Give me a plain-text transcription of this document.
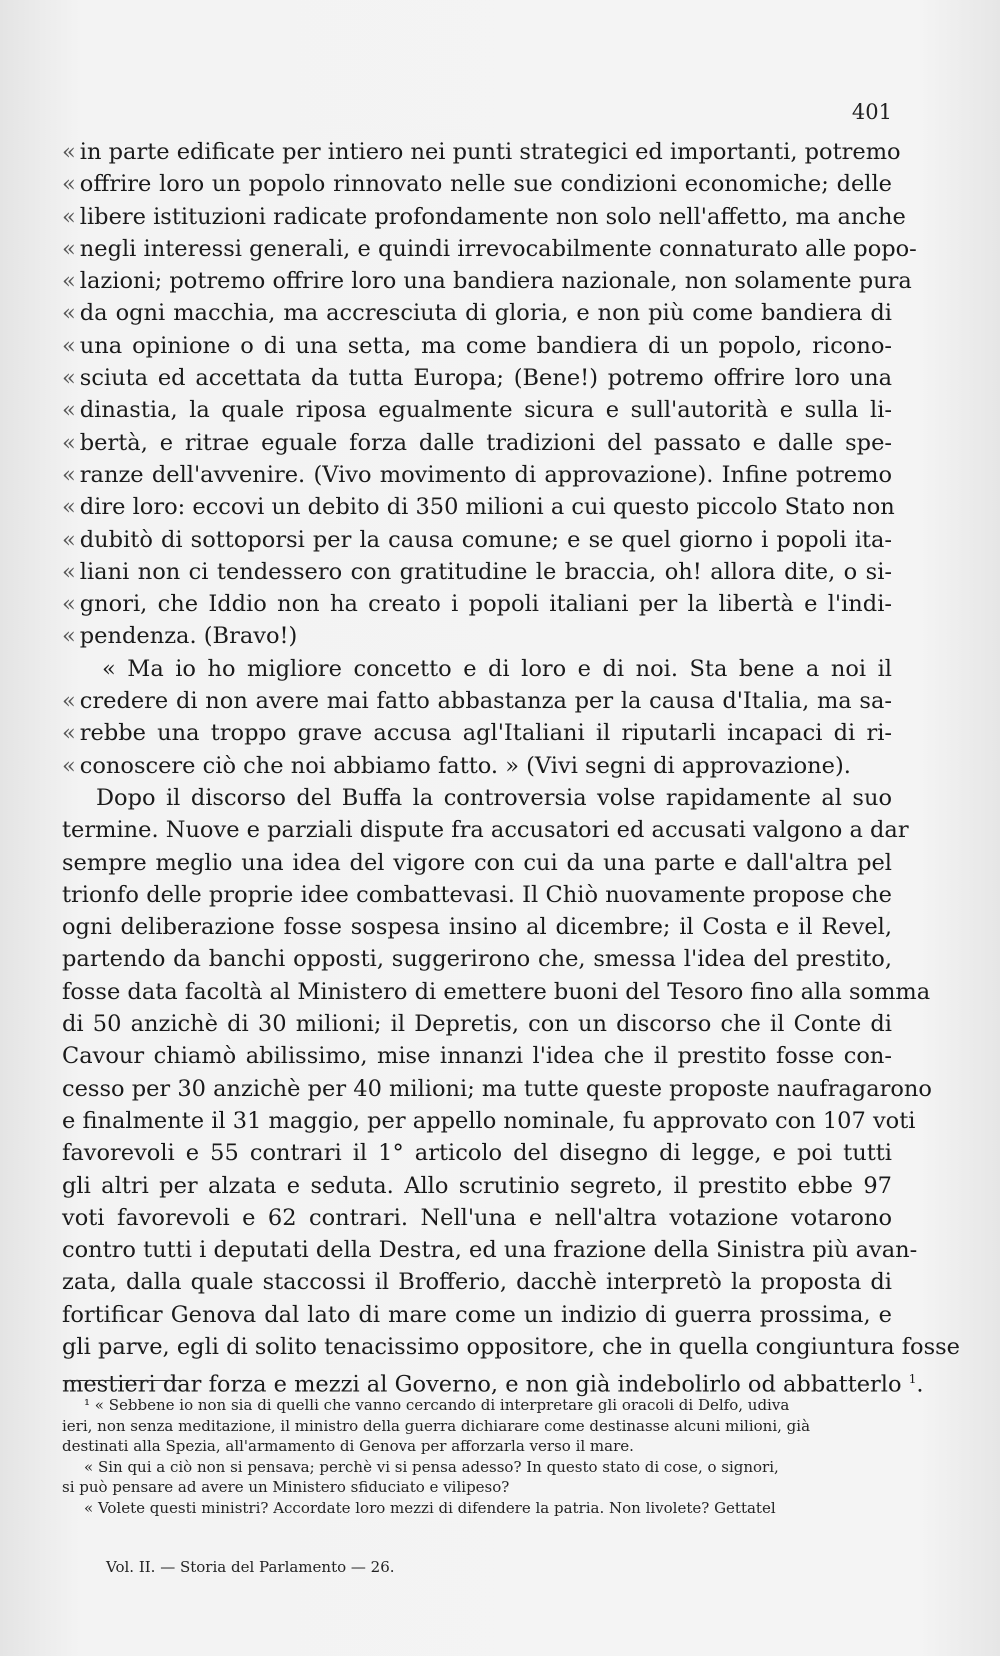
401
« in parte edificate per intiero nei punti strategici ed importanti, potremo
« offrire loro un popolo rinnovato nelle sue condizioni economiche; delle
« libere istituzioni radicate profondamente non solo nell'affetto, ma anche
« negli interessi generali, e quindi irrevocabilmente connaturato alle popo-
« lazioni; potremo offrire loro una bandiera nazionale, non solamente pura
« da ogni macchia, ma accresciuta di gloria, e non più come bandiera di
« una opinione o di una setta, ma come bandiera di un popolo, ricono-
« sciuta ed accettata da tutta Europa; (Bene!) potremo offrire loro una
« dinastia, la quale riposa egualmente sicura e sull'autorità e sulla li-
« bertà, e ritrae eguale forza dalle tradizioni del passato e dalle spe-
« ranze dell'avvenire. (Vivo movimento di approvazione). Infine potremo
« dire loro: eccovi un debito di 350 milioni a cui questo piccolo Stato non
« dubitò di sottoporsi per la causa comune; e se quel giorno i popoli ita-
« liani non ci tendessero con gratitudine le braccia, oh! allora dite, o si-
« gnori, che Iddio non ha creato i popoli italiani per la libertà e l'indi-
« pendenza. (Bravo!)
« Ma io ho migliore concetto e di loro e di noi. Sta bene a noi il
« credere di non avere mai fatto abbastanza per la causa d'Italia, ma sa-
« rebbe una troppo grave accusa agl'Italiani il riputarli incapaci di ri-
« conoscere ciò che noi abbiamo fatto. » (Vivi segni di approvazione).
Dopo il discorso del Buffa la controversia volse rapidamente al suo
termine. Nuove e parziali dispute fra accusatori ed accusati valgono a dar
sempre meglio una idea del vigore con cui da una parte e dall'altra pel
trionfo delle proprie idee combattevasi. Il Chiò nuovamente propose che
ogni deliberazione fosse sospesa insino al dicembre; il Costa e il Revel,
partendo da banchi opposti, suggerirono che, smessa l'idea del prestito,
fosse data facoltà al Ministero di emettere buoni del Tesoro fino alla somma
di 50 anzichè di 30 milioni; il Depretis, con un discorso che il Conte di
Cavour chiamò abilissimo, mise innanzi l'idea che il prestito fosse con-
cesso per 30 anzichè per 40 milioni; ma tutte queste proposte naufragarono
e finalmente il 31 maggio, per appello nominale, fu approvato con 107 voti
favorevoli e 55 contrari il 1° articolo del disegno di legge, e poi tutti
gli altri per alzata e seduta. Allo scrutinio segreto, il prestito ebbe 97
voti favorevoli e 62 contrari. Nell'una e nell'altra votazione votarono
contro tutti i deputati della Destra, ed una frazione della Sinistra più avan-
zata, dalla quale staccossi il Brofferio, dacchè interpretò la proposta di
fortificar Genova dal lato di mare come un indizio di guerra prossima, e
gli parve, egli di solito tenacissimo oppositore, che in quella congiuntura fosse
mestieri dar forza e mezzi al Governo, e non già indebolirlo od abbatterlo $^1$.
¹ « Sebbene io non sia di quelli che vanno cercando di interpretare gli oracoli di Delfo, udiva
ieri, non senza meditazione, il ministro della guerra dichiarare come destinasse alcuni milioni, già
destinati alla Spezia, all'armamento di Genova per afforzarla verso il mare.
« Sin qui a ciò non si pensava; perchè vi si pensa adesso? In questo stato di cose, o signori,
si può pensare ad avere un Ministero sfiduciato e vilipeso?
« Volete questi ministri? Accordate loro mezzi di difendere la patria. Non livolete? Gettatel
Vol. II. — Storia del Parlamento — 26.
